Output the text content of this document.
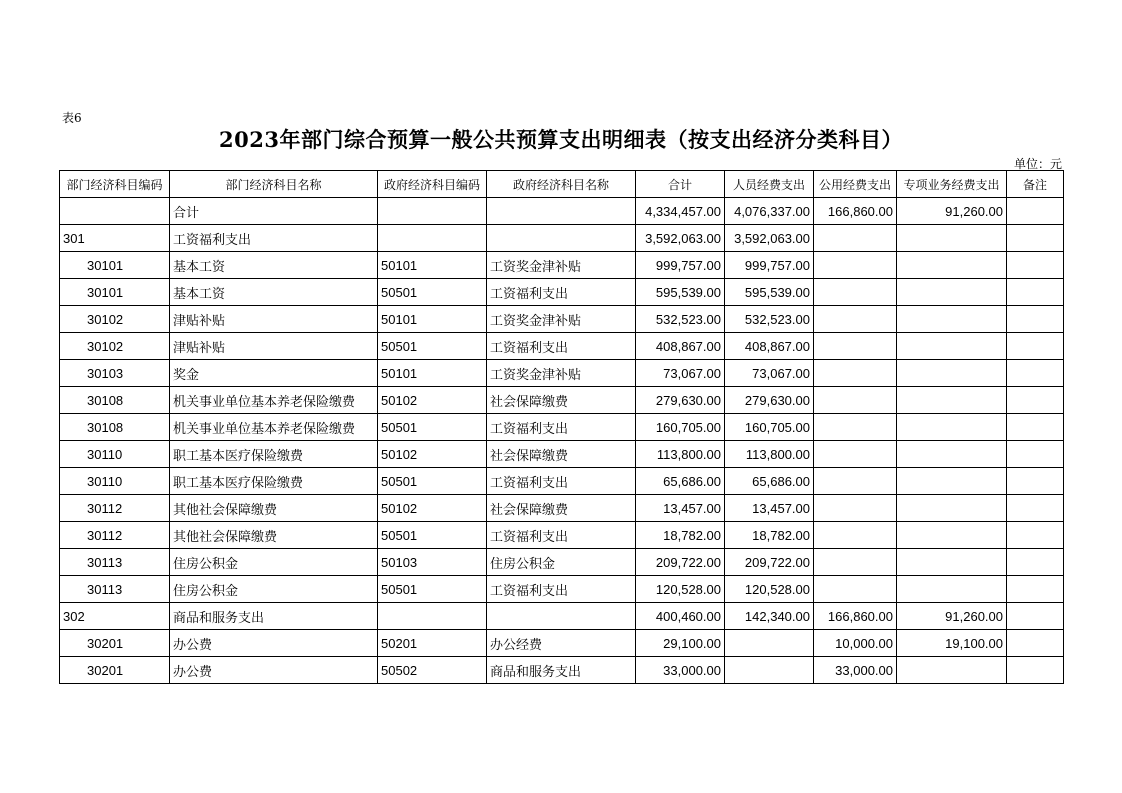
表6
2023年部门综合预算一般公共预算支出明细表（按支出经济分类科目）
单位：元
部门经济科目编码	部门经济科目名称	政府经济科目编码	政府经济科目名称	合计	人员经费支出	公用经费支出	专项业务经费支出	备注
	合计			4,334,457.00	4,076,337.00	166,860.00	91,260.00	
301	工资福利支出			3,592,063.00	3,592,063.00			
30101	基本工资	50101	工资奖金津补贴	999,757.00	999,757.00			
30101	基本工资	50501	工资福利支出	595,539.00	595,539.00			
30102	津贴补贴	50101	工资奖金津补贴	532,523.00	532,523.00			
30102	津贴补贴	50501	工资福利支出	408,867.00	408,867.00			
30103	奖金	50101	工资奖金津补贴	73,067.00	73,067.00			
30108	机关事业单位基本养老保险缴费	50102	社会保障缴费	279,630.00	279,630.00			
30108	机关事业单位基本养老保险缴费	50501	工资福利支出	160,705.00	160,705.00			
30110	职工基本医疗保险缴费	50102	社会保障缴费	113,800.00	113,800.00			
30110	职工基本医疗保险缴费	50501	工资福利支出	65,686.00	65,686.00			
30112	其他社会保障缴费	50102	社会保障缴费	13,457.00	13,457.00			
30112	其他社会保障缴费	50501	工资福利支出	18,782.00	18,782.00			
30113	住房公积金	50103	住房公积金	209,722.00	209,722.00			
30113	住房公积金	50501	工资福利支出	120,528.00	120,528.00			
302	商品和服务支出			400,460.00	142,340.00	166,860.00	91,260.00	
30201	办公费	50201	办公经费	29,100.00		10,000.00	19,100.00	
30201	办公费	50502	商品和服务支出	33,000.00		33,000.00		
